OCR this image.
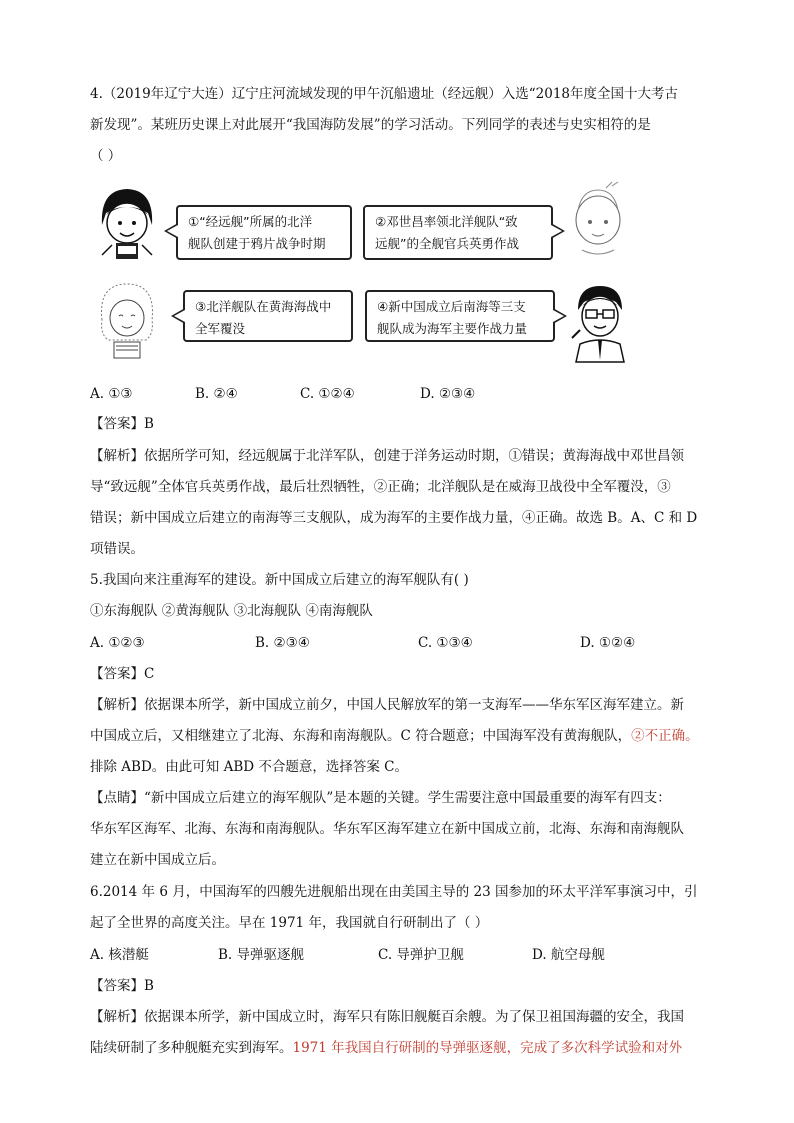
4.（2019年辽宁大连）辽宁庄河流域发现的甲午沉船遗址（经远舰）入选“2018年度全国十大考古
新发现”。某班历史课上对此展开“我国海防发展”的学习活动。下列同学的表述与史实相符的是
（ ）
①“经远舰”所属的北洋
舰队创建于鸦片战争时期
②邓世昌率领北洋舰队“致
远舰”的全舰官兵英勇作战
③北洋舰队在黄海海战中
全军覆没
④新中国成立后南海等三支
舰队成为海军主要作战力量
A. ①③	B. ②④	C. ①②④	D. ②③④
【答案】B
【解析】依据所学可知，经远舰属于北洋军队，创建于洋务运动时期，①错误；黄海海战中邓世昌领
导“致远舰”全体官兵英勇作战，最后壮烈牺牲，②正确；北洋舰队是在威海卫战役中全军覆没，③
错误；新中国成立后建立的南海等三支舰队，成为海军的主要作战力量，④正确。故选 B。A、C 和 D
项错误。
5.我国向来注重海军的建设。新中国成立后建立的海军舰队有( )
①东海舰队 ②黄海舰队 ③北海舰队 ④南海舰队
A. ①②③	B. ②③④	C. ①③④	D. ①②④
【答案】C
【解析】依据课本所学，新中国成立前夕，中国人民解放军的第一支海军——华东军区海军建立。新
中国成立后，又相继建立了北海、东海和南海舰队。C 符合题意；中国海军没有黄海舰队，②不正确。
排除 ABD。由此可知 ABD 不合题意，选择答案 C。
【点睛】“新中国成立后建立的海军舰队”是本题的关键。学生需要注意中国最重要的海军有四支：
华东军区海军、北海、东海和南海舰队。华东军区海军建立在新中国成立前，北海、东海和南海舰队
建立在新中国成立后。
6.2014 年 6 月，中国海军的四艘先进舰船出现在由美国主导的 23 国参加的环太平洋军事演习中，引
起了全世界的高度关注。早在 1971 年，我国就自行研制出了（ ）
A. 核潜艇	B. 导弹驱逐舰	C. 导弹护卫舰	D. 航空母舰
【答案】B
【解析】依据课本所学，新中国成立时，海军只有陈旧舰艇百余艘。为了保卫祖国海疆的安全，我国
陆续研制了多种舰艇充实到海军。1971 年我国自行研制的导弹驱逐舰，完成了多次科学试验和对外
